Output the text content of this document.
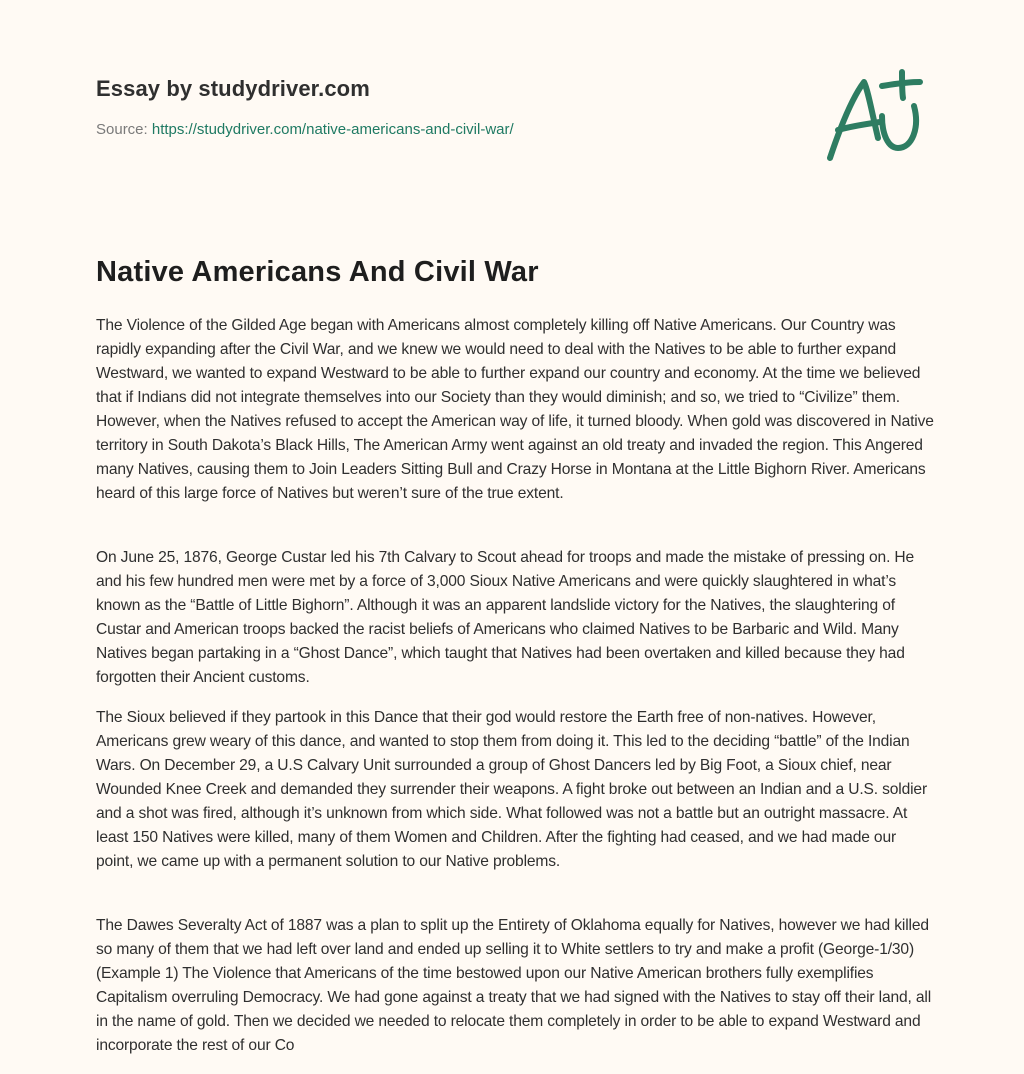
Essay by studydriver.com
Source: https://studydriver.com/native-americans-and-civil-war/
Native Americans And Civil War

The Violence of the Gilded Age began with Americans almost completely killing off Native Americans. Our Country was rapidly expanding after the Civil War, and we knew we would need to deal with the Natives to be able to further expand Westward, we wanted to expand Westward to be able to further expand our country and economy. At the time we believed that if Indians did not integrate themselves into our Society than they would diminish; and so, we tried to “Civilize” them. However, when the Natives refused to accept the American way of life, it turned bloody. When gold was discovered in Native territory in South Dakota’s Black Hills, The American Army went against an old treaty and invaded the region. This Angered many Natives, causing them to Join Leaders Sitting Bull and Crazy Horse in Montana at the Little Bighorn River. Americans heard of this large force of Natives but weren’t sure of the true extent.

On June 25, 1876, George Custar led his 7th Calvary to Scout ahead for troops and made the mistake of pressing on. He and his few hundred men were met by a force of 3,000 Sioux Native Americans and were quickly slaughtered in what’s known as the “Battle of Little Bighorn”. Although it was an apparent landslide victory for the Natives, the slaughtering of Custar and American troops backed the racist beliefs of Americans who claimed Natives to be Barbaric and Wild. Many Natives began partaking in a “Ghost Dance”, which taught that Natives had been overtaken and killed because they had forgotten their Ancient customs.

The Sioux believed if they partook in this Dance that their god would restore the Earth free of non-natives. However, Americans grew weary of this dance, and wanted to stop them from doing it. This led to the deciding “battle” of the Indian Wars. On December 29, a U.S Calvary Unit surrounded a group of Ghost Dancers led by Big Foot, a Sioux chief, near Wounded Knee Creek and demanded they surrender their weapons. A fight broke out between an Indian and a U.S. soldier and a shot was fired, although it’s unknown from which side. What followed was not a battle but an outright massacre. At least 150 Natives were killed, many of them Women and Children. After the fighting had ceased, and we had made our point, we came up with a permanent solution to our Native problems.

The Dawes Severalty Act of 1887 was a plan to split up the Entirety of Oklahoma equally for Natives, however we had killed so many of them that we had left over land and ended up selling it to White settlers to try and make a profit (George-1/30) (Example 1) The Violence that Americans of the time bestowed upon our Native American brothers fully exemplifies Capitalism overruling Democracy. We had gone against a treaty that we had signed with the Natives to stay off their land, all in the name of gold. Then we decided we needed to relocate them completely in order to be able to expand Westward and incorporate the rest of our Co
